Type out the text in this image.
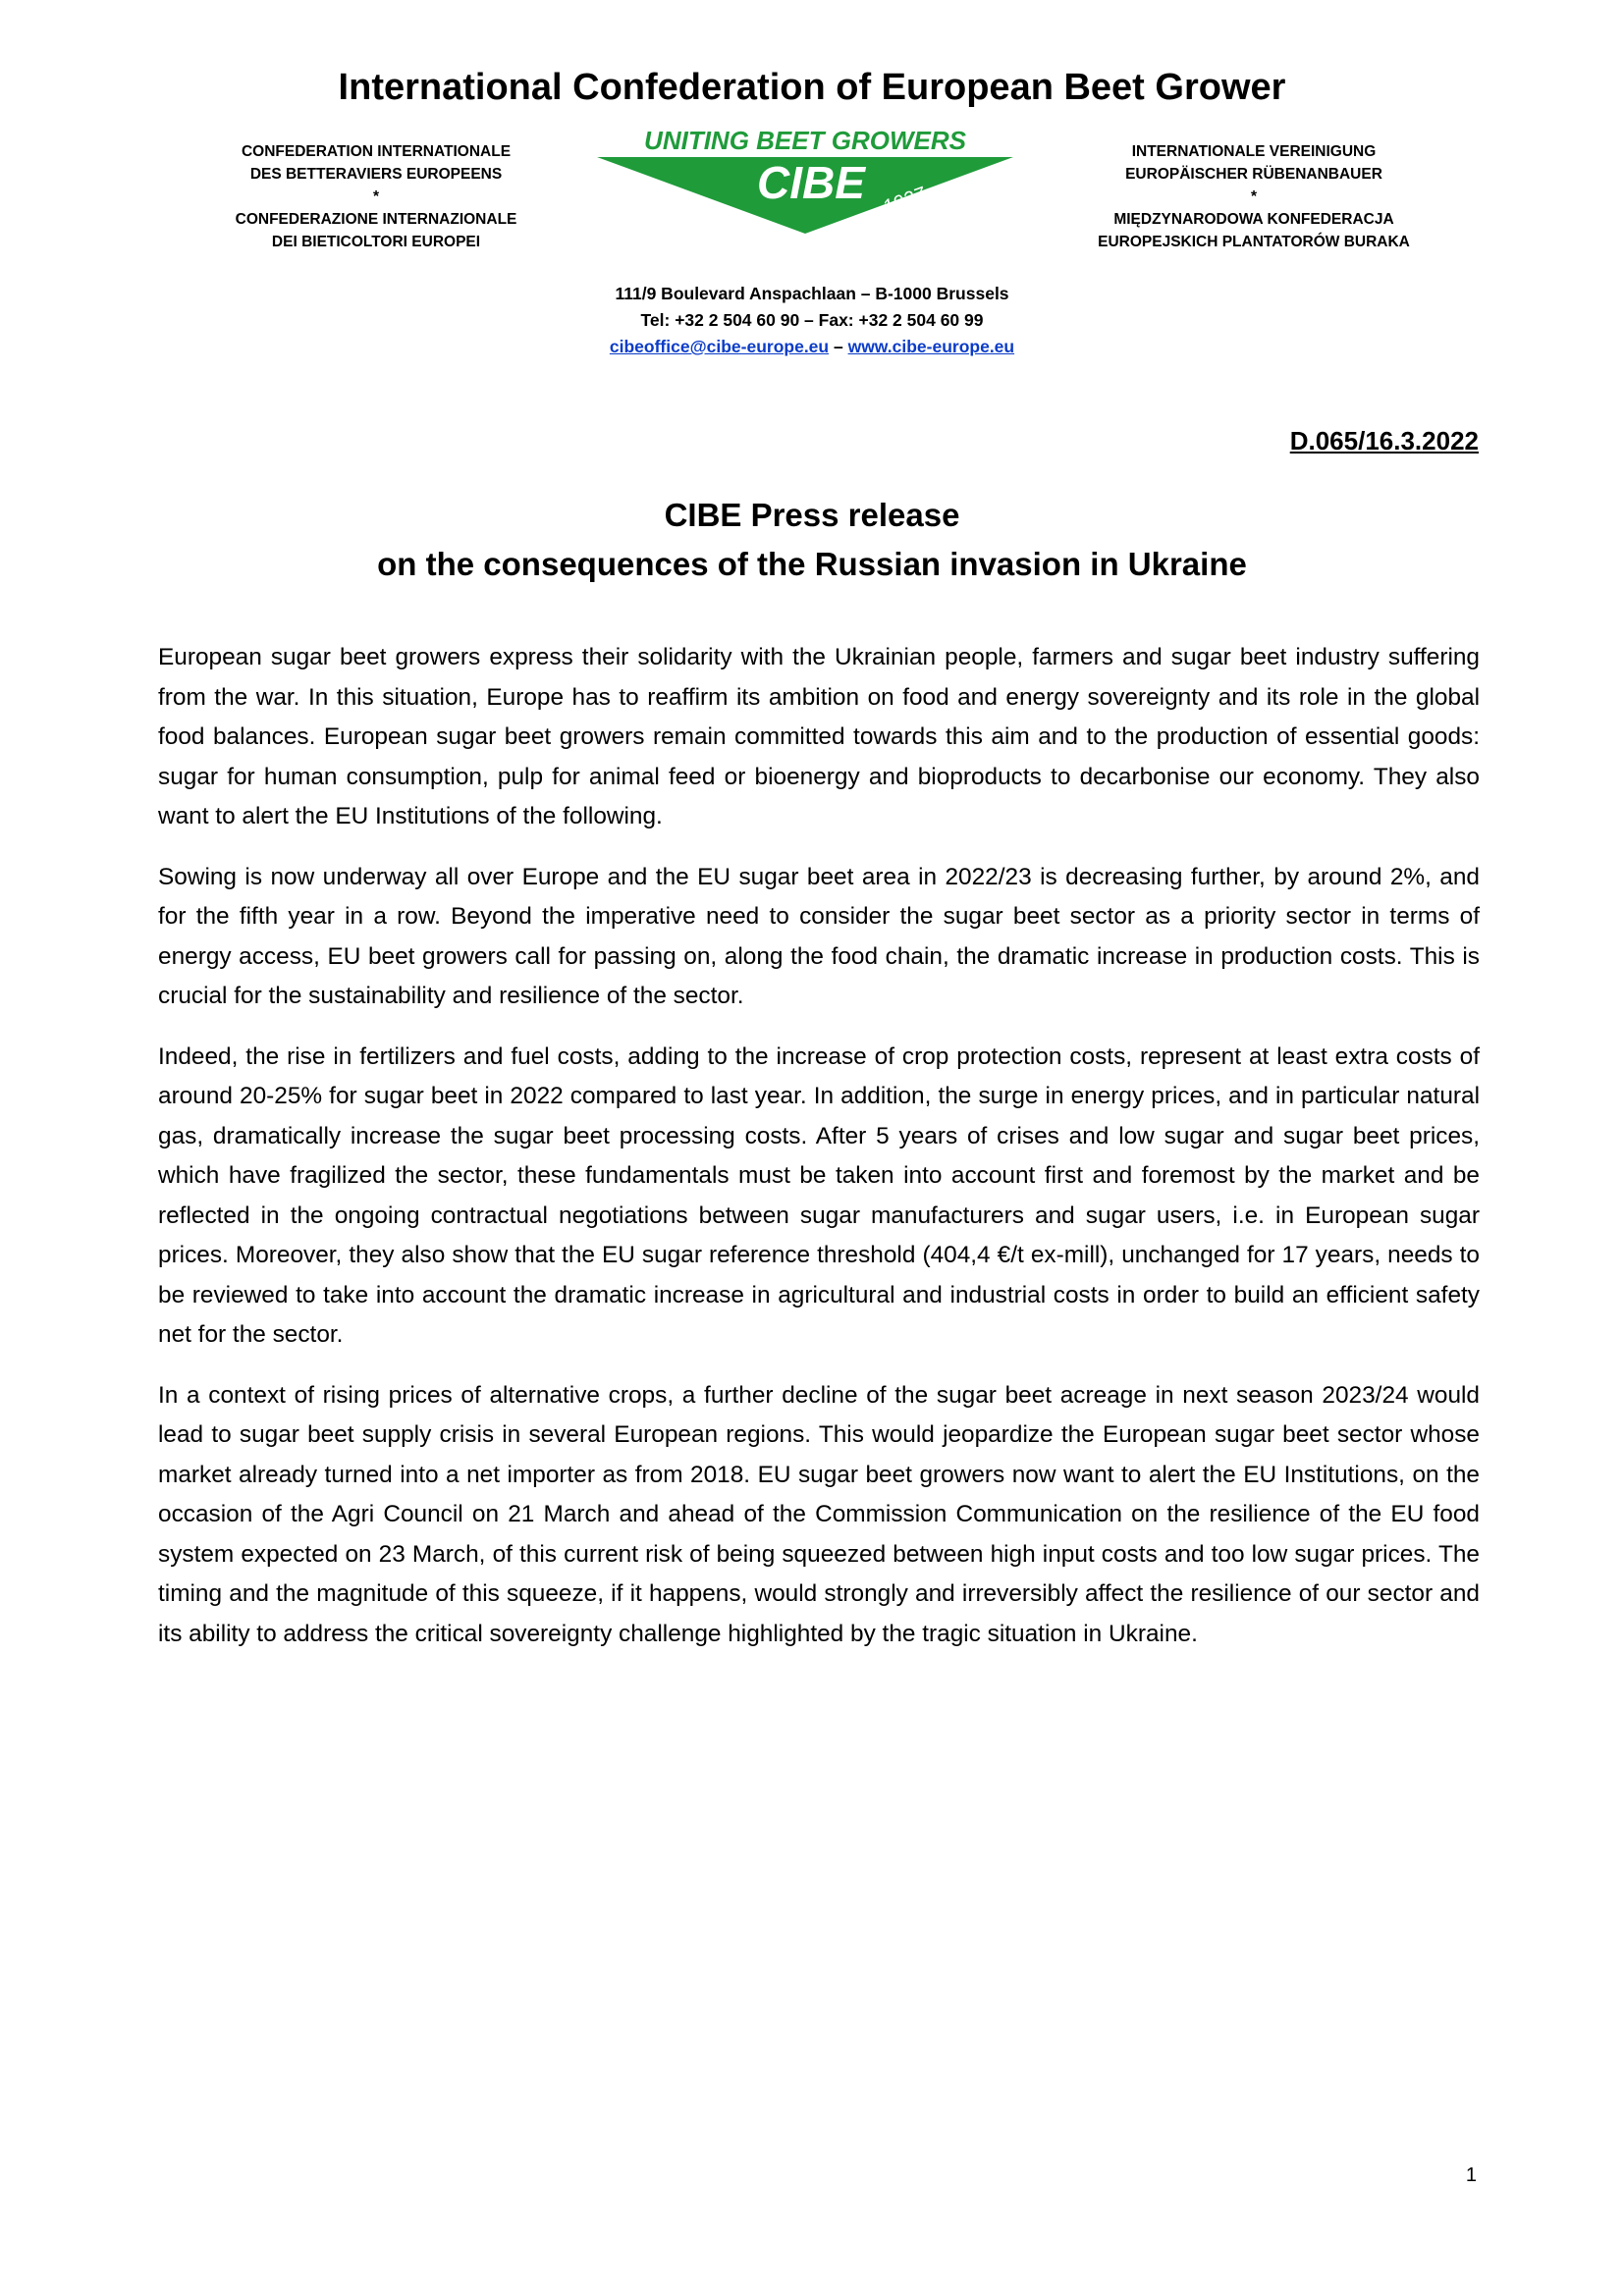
International Confederation of European Beet Grower
CONFEDERATION INTERNATIONALE
DES BETTERAVIERS EUROPEENS
*
CONFEDERAZIONE INTERNAZIONALE
DEI BIETICOLTORI EUROPEI
UNITING BEET GROWERS
CIBE
since	1927
INTERNATIONALE VEREINIGUNG
EUROPÄISCHER RÜBENANBAUER
*
MIĘDZYNARODOWA KONFEDERACJA
EUROPEJSKICH PLANTATORÓW BURAKA
111/9 Boulevard Anspachlaan – B-1000 Brussels
Tel: +32 2 504 60 90 – Fax: +32 2 504 60 99
cibeoffice@cibe-europe.eu – www.cibe-europe.eu

D.065/16.3.2022

CIBE Press release
on the consequences of the Russian invasion in Ukraine

European sugar beet growers express their solidarity with the Ukrainian people, farmers and sugar beet industry suffering from the war. In this situation, Europe has to reaffirm its ambition on food and energy sovereignty and its role in the global food balances. European sugar beet growers remain committed towards this aim and to the production of essential goods: sugar for human consumption, pulp for animal feed or bioenergy and bioproducts to decarbonise our economy. They also want to alert the EU Institutions of the following.

Sowing is now underway all over Europe and the EU sugar beet area in 2022/23 is decreasing further, by around 2%, and for the fifth year in a row. Beyond the imperative need to consider the sugar beet sector as a priority sector in terms of energy access, EU beet growers call for passing on, along the food chain, the dramatic increase in production costs. This is crucial for the sustainability and resilience of the sector.

Indeed, the rise in fertilizers and fuel costs, adding to the increase of crop protection costs, represent at least extra costs of around 20-25% for sugar beet in 2022 compared to last year. In addition, the surge in energy prices, and in particular natural gas, dramatically increase the sugar beet processing costs. After 5 years of crises and low sugar and sugar beet prices, which have fragilized the sector, these fundamentals must be taken into account first and foremost by the market and be reflected in the ongoing contractual negotiations between sugar manufacturers and sugar users, i.e. in European sugar prices. Moreover, they also show that the EU sugar reference threshold (404,4 €/t ex-mill), unchanged for 17 years, needs to be reviewed to take into account the dramatic increase in agricultural and industrial costs in order to build an efficient safety net for the sector.

In a context of rising prices of alternative crops, a further decline of the sugar beet acreage in next season 2023/24 would lead to sugar beet supply crisis in several European regions. This would jeopardize the European sugar beet sector whose market already turned into a net importer as from 2018. EU sugar beet growers now want to alert the EU Institutions, on the occasion of the Agri Council on 21 March and ahead of the Commission Communication on the resilience of the EU food system expected on 23 March, of this current risk of being squeezed between high input costs and too low sugar prices. The timing and the magnitude of this squeeze, if it happens, would strongly and irreversibly affect the resilience of our sector and its ability to address the critical sovereignty challenge highlighted by the tragic situation in Ukraine.

1
